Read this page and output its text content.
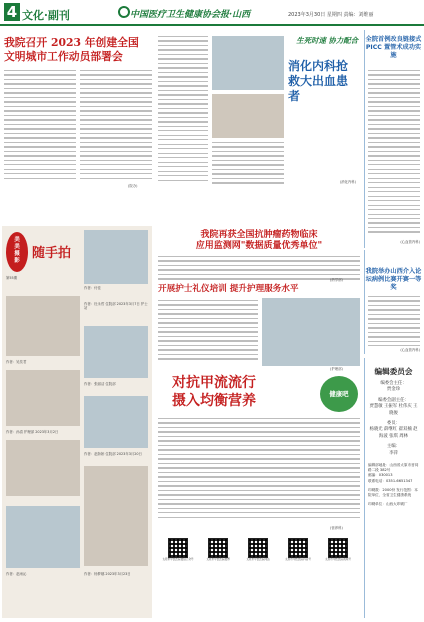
4 文化·副刊	中国医疗卫生健康协会报·山西	2023年3月30日 星期四 责编：刘维丽
我院召开 2023 年创建全国
文明城市工作动员部署会
(院办)
生死时速 协力配合
消化内科抢救大出血患者
(消化内科)
全院首例改良链接式 PICC 置管术成功实施
(心血管内科)
我院举办山西介入论坛病例比赛开赛一等奖
(心血管内科)
编辑委员会
编委会主任：
贾金珍
编委会副主任：
贾慧敏 王振军 杜伟庆 王晓俊
委员：
杨晓光 薛继红 翟双楠 赵海波 张琪 周林
主编：
李萍
编辑部地址：山西省太原市晋祠路二段 382号
邮编：030013
联系电话：0351-6651347
印刷数：2000份 发行范围：本院单位、全省卫生健康系统
印刷单位：山西大印刷厂
美
美
摄
影
第55期
随手拍
作者：付佳
作者：杜永哲 住院部 2023年3月7日 护士站
作者：吴奕君
作者：张丽洁 住院部
作者：孙清 护理部 2023年3月2日
作者：赵娇娇 住院部 2023年3月20日
作者：赵雨沁	作者：杨梦娜 2023年3月23日
我院再获全国抗肿瘤药物临床
应用监测网"数据质量优秀单位"
(药学部)
开展护士礼仪培训 提升护理服务水平
(护理部)
对抗甲流流行
摄入均衡营养	健康吧
(营养科)
太原市中医医院微信公众号	太原市中医医院微博	太原市中医医院网站	太原市中医医院抖音号	太原市中医医院视频号
